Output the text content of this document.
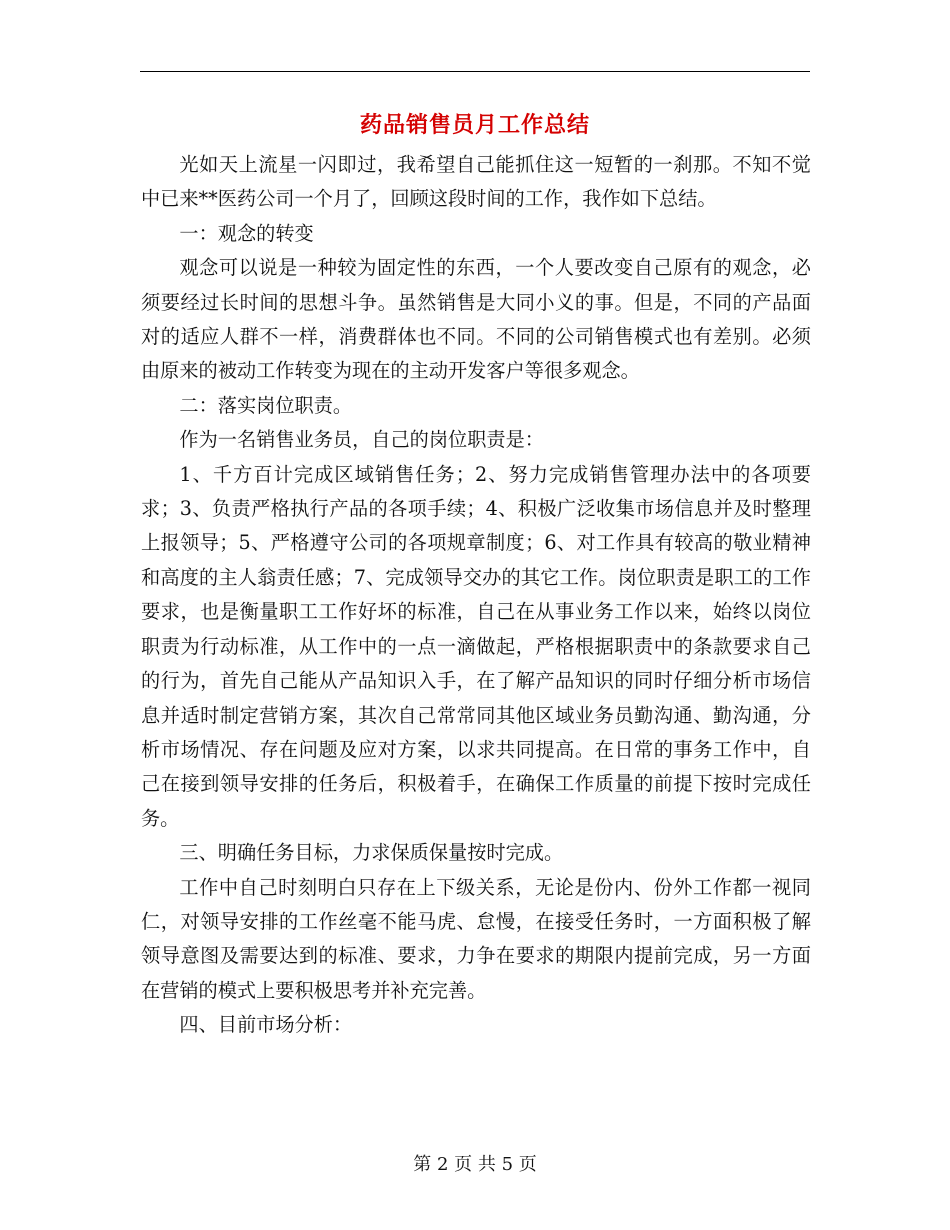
药品销售员月工作总结

光如天上流星一闪即过，我希望自己能抓住这一短暂的一刹那。不知不觉中已来**医药公司一个月了，回顾这段时间的工作，我作如下总结。

一：观念的转变

观念可以说是一种较为固定性的东西，一个人要改变自己原有的观念，必须要经过长时间的思想斗争。虽然销售是大同小义的事。但是，不同的产品面对的适应人群不一样，消费群体也不同。不同的公司销售模式也有差别。必须由原来的被动工作转变为现在的主动开发客户等很多观念。

二：落实岗位职责。

作为一名销售业务员，自己的岗位职责是：

1、千方百计完成区域销售任务；2、努力完成销售管理办法中的各项要求；3、负责严格执行产品的各项手续；4、积极广泛收集市场信息并及时整理上报领导；5、严格遵守公司的各项规章制度；6、对工作具有较高的敬业精神和高度的主人翁责任感；7、完成领导交办的其它工作。岗位职责是职工的工作要求，也是衡量职工工作好坏的标准，自己在从事业务工作以来，始终以岗位职责为行动标准，从工作中的一点一滴做起，严格根据职责中的条款要求自己的行为，首先自己能从产品知识入手，在了解产品知识的同时仔细分析市场信息并适时制定营销方案，其次自己常常同其他区域业务员勤沟通、勤沟通，分析市场情况、存在问题及应对方案，以求共同提高。在日常的事务工作中，自己在接到领导安排的任务后，积极着手，在确保工作质量的前提下按时完成任务。

三、明确任务目标，力求保质保量按时完成。

工作中自己时刻明白只存在上下级关系，无论是份内、份外工作都一视同仁，对领导安排的工作丝毫不能马虎、怠慢，在接受任务时，一方面积极了解领导意图及需要达到的标准、要求，力争在要求的期限内提前完成，另一方面在营销的模式上要积极思考并补充完善。

四、目前市场分析：

第 2 页 共 5 页
